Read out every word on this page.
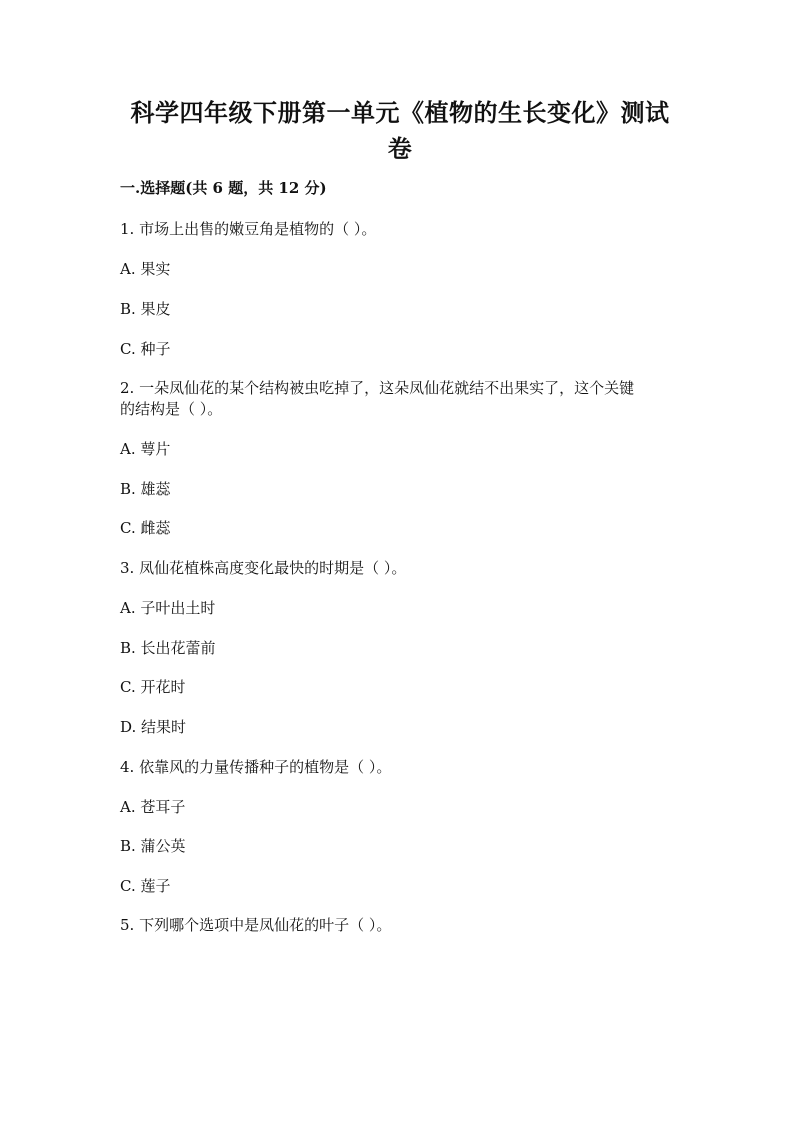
科学四年级下册第一单元《植物的生长变化》测试
卷
一.选择题(共 6 题，共 12 分)
1. 市场上出售的嫩豆角是植物的（ ）。
A. 果实
B. 果皮
C. 种子
2. 一朵凤仙花的某个结构被虫吃掉了，这朵凤仙花就结不出果实了，这个关键
的结构是（ ）。
A. 萼片
B. 雄蕊
C. 雌蕊
3. 凤仙花植株高度变化最快的时期是（ ）。
A. 子叶出土时
B. 长出花蕾前
C. 开花时
D. 结果时
4. 依靠风的力量传播种子的植物是（ ）。
A. 苍耳子
B. 蒲公英
C. 莲子
5. 下列哪个选项中是凤仙花的叶子（ ）。
